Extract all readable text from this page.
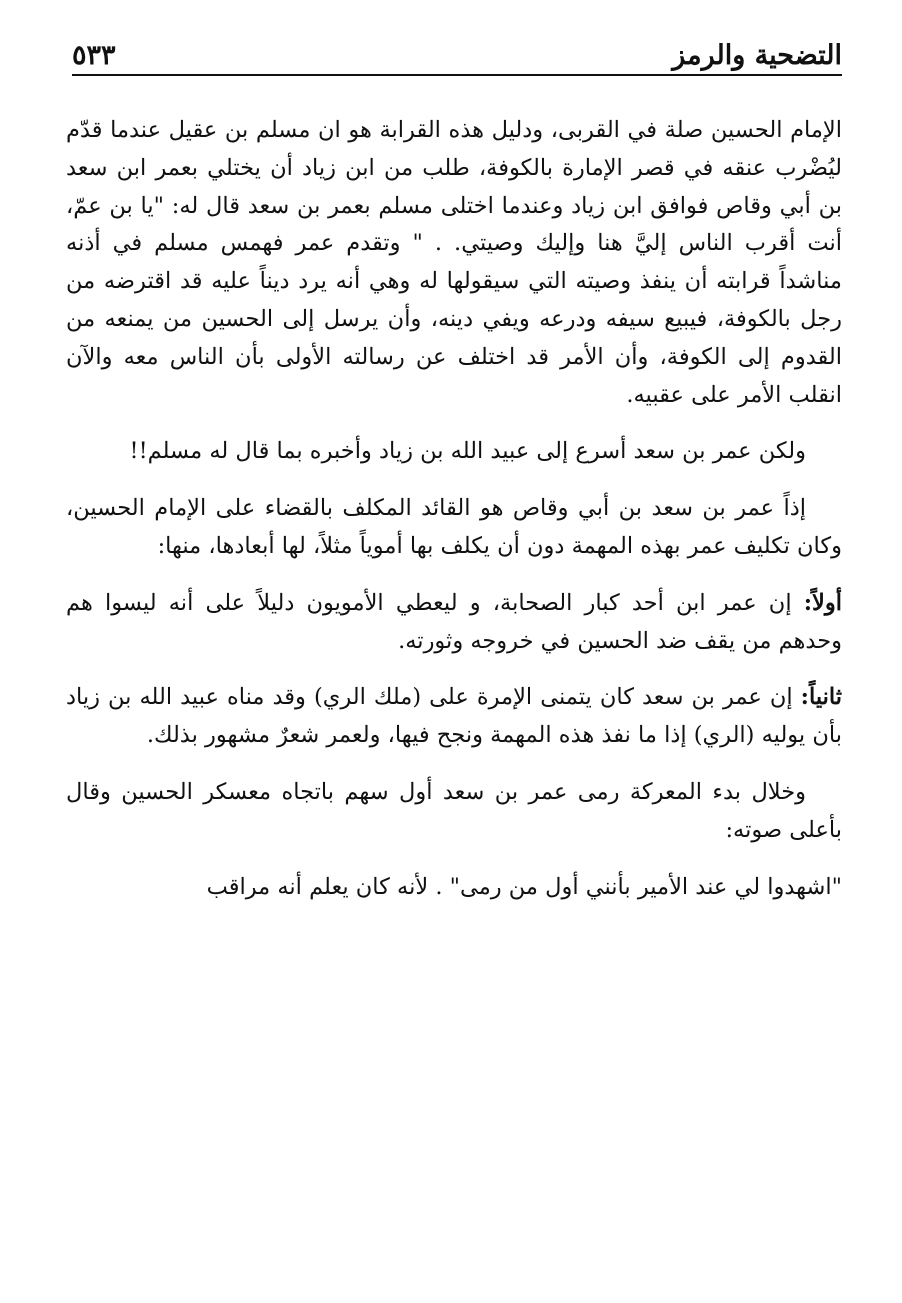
التضحية والرمز
٥٣٣

الإمام الحسين صلة في القربى، ودليل هذه القرابة هو ان مسلم بن عقيل عندما قدّم ليُضْرب عنقه في قصر الإمارة بالكوفة، طلب من ابن زياد أن يختلي بعمر ابن سعد بن أبي وقاص فوافق ابن زياد وعندما اختلى مسلم بعمر بن سعد قال له: "يا بن عمّ، أنت أقرب الناس إليَّ هنا وإليك وصيتي. . " وتقدم عمر فهمس مسلم في أذنه مناشداً قرابته أن ينفذ وصيته التي سيقولها له وهي أنه يرد ديناً عليه قد اقترضه من رجل بالكوفة، فيبيع سيفه ودرعه ويفي دينه، وأن يرسل إلى الحسين من يمنعه من القدوم إلى الكوفة، وأن الأمر قد اختلف عن رسالته الأولى بأن الناس معه والآن انقلب الأمر على عقبيه.

ولكن عمر بن سعد أسرع إلى عبيد الله بن زياد وأخبره بما قال له مسلم!!

إذاً عمر بن سعد بن أبي وقاص هو القائد المكلف بالقضاء على الإمام الحسين، وكان تكليف عمر بهذه المهمة دون أن يكلف بها أموياً مثلاً، لها أبعادها، منها:

أولاً: إن عمر ابن أحد كبار الصحابة، و ليعطي الأمويون دليلاً على أنه ليسوا هم وحدهم من يقف ضد الحسين في خروجه وثورته.

ثانياً: إن عمر بن سعد كان يتمنى الإمرة على (ملك الري) وقد مناه عبيد الله بن زياد بأن يوليه (الري) إذا ما نفذ هذه المهمة ونجح فيها، ولعمر شعرٌ مشهور بذلك.

وخلال بدء المعركة رمى عمر بن سعد أول سهم باتجاه معسكر الحسين وقال بأعلى صوته:

"اشهدوا لي عند الأمير بأنني أول من رمى" . لأنه كان يعلم أنه مراقب
